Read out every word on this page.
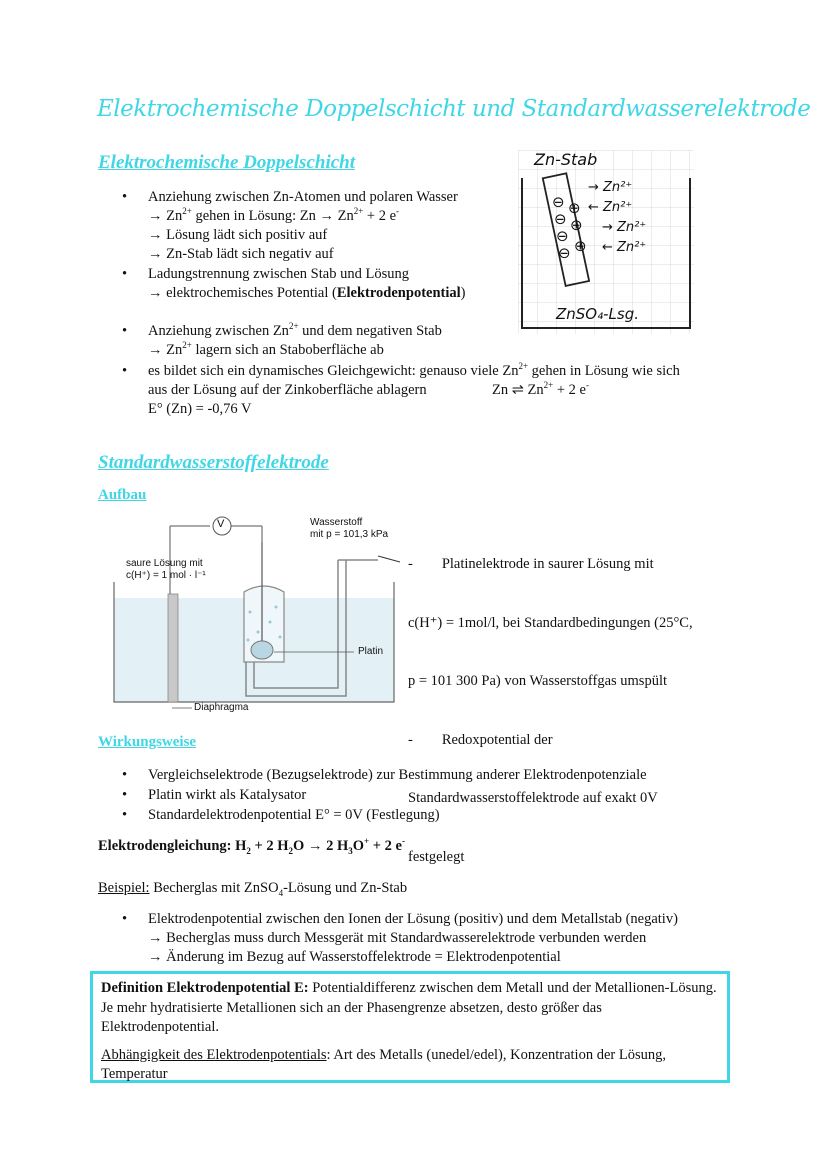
Elektrochemische Doppelschicht und Standardwasserelektrode
Elektrochemische Doppelschicht
• Anziehung zwischen Zn-Atomen und polaren Wasser
→ $Zn^{2+}$ gehen in Lösung: $Zn \to Zn^{2+} + 2$ e-
→ Lösung lädt sich positiv auf
→ Zn-Stab lädt sich negativ auf
• Ladungstrennung zwischen Stab und Lösung
→ elektrochemisches Potential (Elektrodenpotential)
• Anziehung zwischen $Zn^{2+}$ und dem negativen Stab
→ $Zn^{2+}$ lagern sich an Staboberfläche ab
• es bildet sich ein dynamisches Gleichgewicht: genauso viele $Zn^{2+}$ gehen in Lösung wie sich
aus der Lösung auf der Zinkoberfläche ablagern	Zn ⇌ $Zn^{2+} + 2$ e-
E° (Zn) = -0,76 V
Zn-Stab
ZnSO₄-Lsg.
⊖
⊖
⊖
⊖
⊕
⊕
⊕
→ Zn²⁺
← Zn²⁺
→ Zn²⁺
← Zn²⁺
Standardwasserstoffelektrode
Aufbau
V	Wasserstoff
mit p = 101,3 kPa
saure Lösung mit
c(H⁺) = 1 mol · l⁻¹
Platin
Diaphragma

-        Platinelektrode in saurer Lösung mit

c(H⁺) = 1mol/l, bei Standardbedingungen (25°C,

p = 101 300 Pa) von Wasserstoffgas umspült

-        Redoxpotential der

Standardwasserstoffelektrode auf exakt 0V

festgelegt

Wirkungsweise
• Vergleichselektrode (Bezugselektrode) zur Bestimmung anderer Elektrodenpotenziale
• Platin wirkt als Katalysator
• Standardelektrodenpotential E° = 0V (Festlegung)
Elektrodengleichung: $H_2 + 2$ $H_2O \to 2$ $H_3O^+ + 2$ e-
Beispiel: Becherglas mit ZnSO$_4$-Lösung und Zn-Stab
• Elektrodenpotential zwischen den Ionen der Lösung (positiv) und dem Metallstab (negativ)
→ Becherglas muss durch Messgerät mit Standardwasserelektrode verbunden werden
→ Änderung im Bezug auf Wasserstoffelektrode = Elektrodenpotential

Definition Elektrodenpotential E: Potentialdifferenz zwischen dem Metall und der Metallionen-Lösung. Je mehr hydratisierte Metallionen sich an der Phasengrenze absetzen, desto größer das Elektrodenpotential.

Abhängigkeit des Elektrodenpotentials: Art des Metalls (unedel/edel), Konzentration der Lösung, Temperatur
